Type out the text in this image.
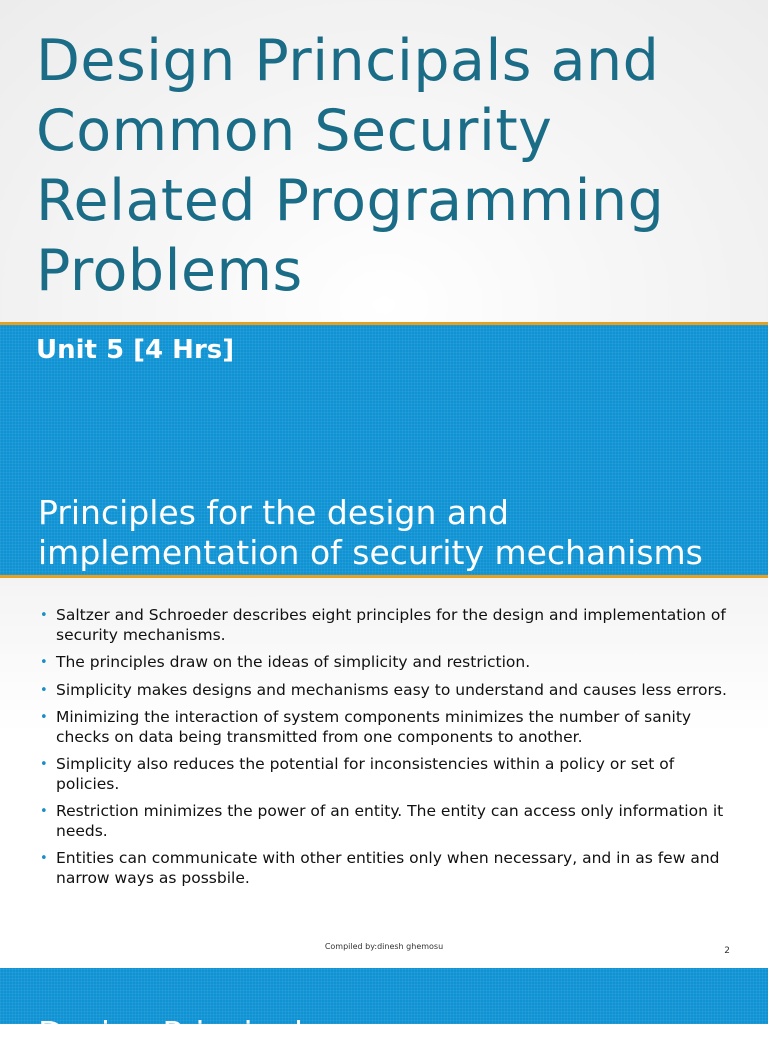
Design Principals and
Common Security
Related Programming
Problems
Unit 5 [4 Hrs]
Principles for the design and
implementation of security mechanisms
• Saltzer and Schroeder describes eight principles for the design and implementation of security mechanisms.
• The principles draw on the ideas of simplicity and restriction.
• Simplicity makes designs and mechanisms easy to understand and causes less errors.
• Minimizing the interaction of system components minimizes the number of sanity checks on data being transmitted from one components to another.
• Simplicity also reduces the potential for inconsistencies within a policy or set of policies.
• Restriction minimizes the power of an entity. The entity can access only information it needs.
• Entities can communicate with other entities only when necessary, and in as few and narrow ways as possbile.
Compiled by:dinesh ghemosu	2
Design Principals
